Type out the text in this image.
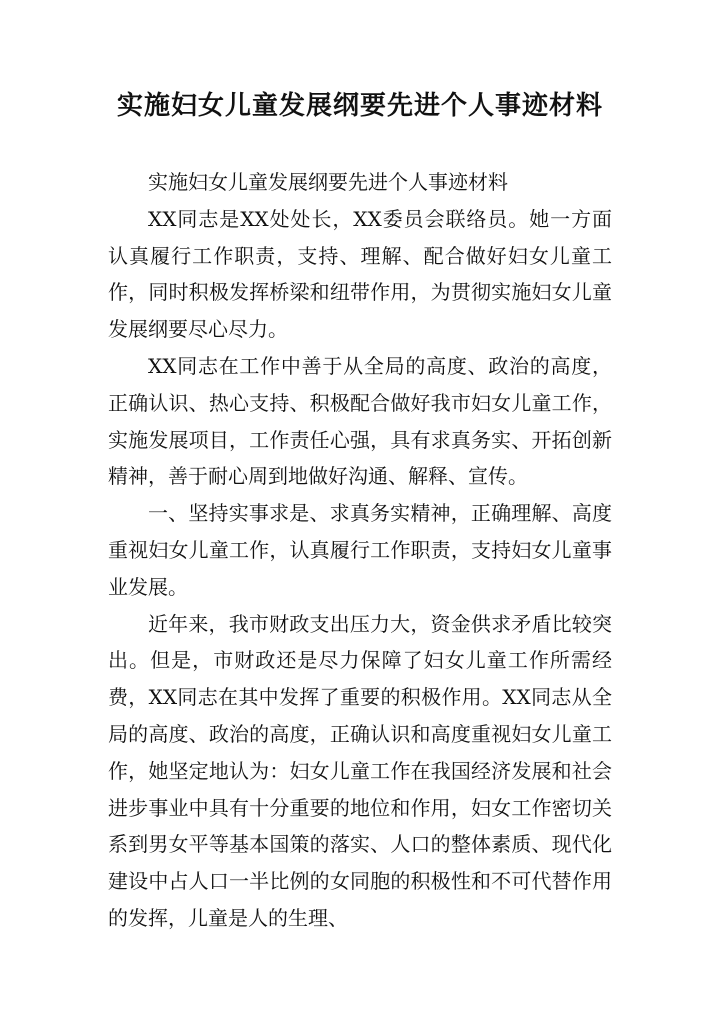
实施妇女儿童发展纲要先进个人事迹材料

实施妇女儿童发展纲要先进个人事迹材料

XX同志是XX处处长，XX委员会联络员。她一方面认真履行工作职责，支持、理解、配合做好妇女儿童工作，同时积极发挥桥梁和纽带作用，为贯彻实施妇女儿童发展纲要尽心尽力。

XX同志在工作中善于从全局的高度、政治的高度，正确认识、热心支持、积极配合做好我市妇女儿童工作，实施发展项目，工作责任心强，具有求真务实、开拓创新精神，善于耐心周到地做好沟通、解释、宣传。

一、坚持实事求是、求真务实精神，正确理解、高度重视妇女儿童工作，认真履行工作职责，支持妇女儿童事业发展。

近年来，我市财政支出压力大，资金供求矛盾比较突出。但是，市财政还是尽力保障了妇女儿童工作所需经费，XX同志在其中发挥了重要的积极作用。XX同志从全局的高度、政治的高度，正确认识和高度重视妇女儿童工作，她坚定地认为：妇女儿童工作在我国经济发展和社会进步事业中具有十分重要的地位和作用，妇女工作密切关系到男女平等基本国策的落实、人口的整体素质、现代化建设中占人口一半比例的女同胞的积极性和不可代替作用的发挥，儿童是人的生理、
